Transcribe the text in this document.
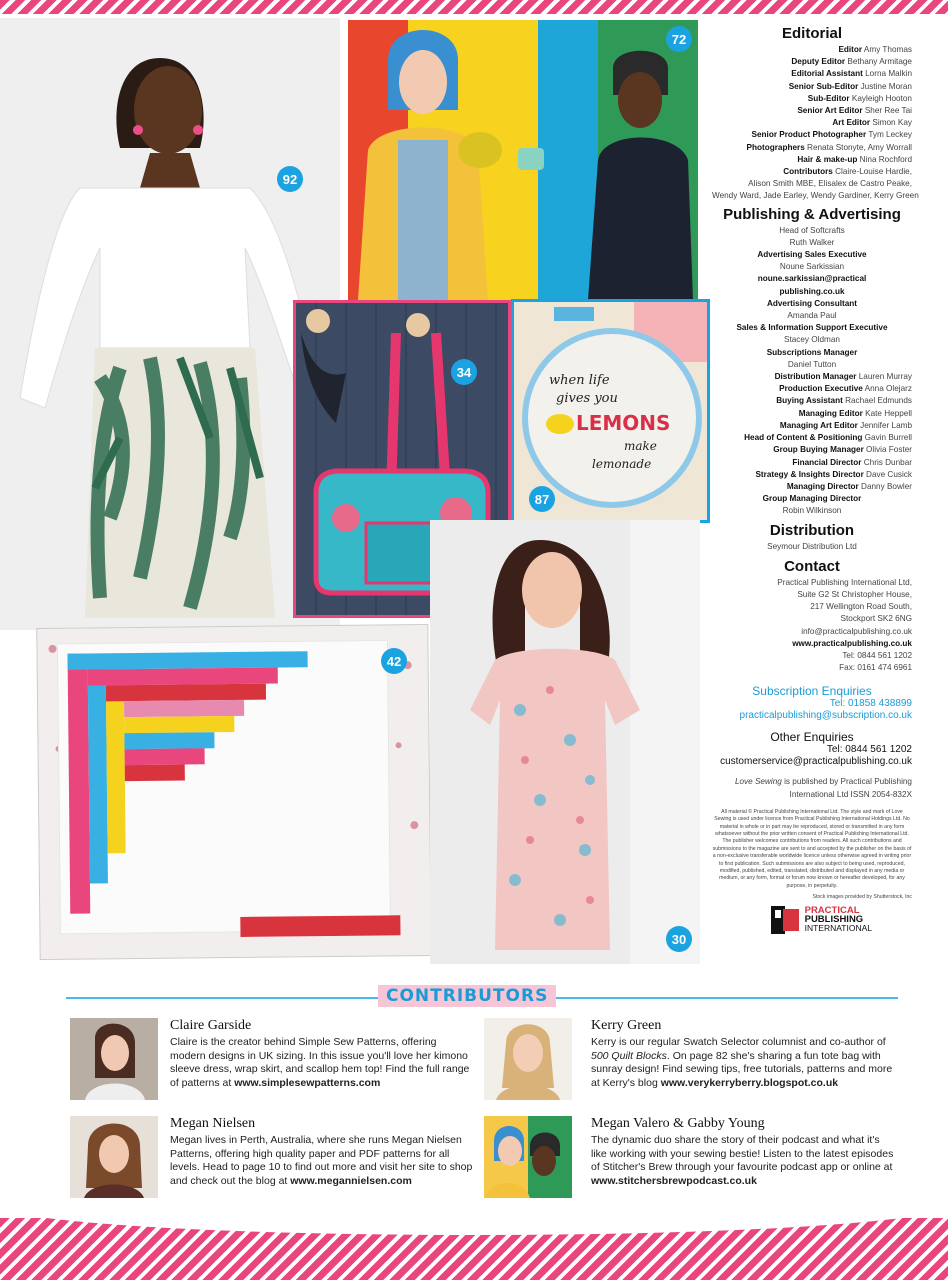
92
72
34
when life
gives you
LEMONS
make
lemonade
87
42
30
Editorial
Editor Amy Thomas
Deputy Editor Bethany Armitage
Editorial Assistant Lorna Malkin
Senior Sub-Editor Justine Moran
Sub-Editor Kayleigh Hooton
Senior Art Editor Sher Ree Tai
Art Editor Simon Kay
Senior Product Photographer Tym Leckey
Photographers Renata Stonyte, Amy Worrall
Hair & make-up Nina Rochford
Contributors Claire-Louise Hardie,
Alison Smith MBE, Elisalex de Castro Peake,
Wendy Ward, Jade Earley, Wendy Gardiner, Kerry Green
Publishing & Advertising
Head of Softcrafts
Ruth Walker
Advertising Sales Executive
Noune Sarkissian
noune.sarkissian@practical
publishing.co.uk
Advertising Consultant
Amanda Paul
Sales & Information Support Executive
Stacey Oldman
Subscriptions Manager
Daniel Tutton
Distribution Manager Lauren Murray
Production Executive Anna Olejarz
Buying Assistant Rachael Edmunds
Managing Editor Kate Heppell
Managing Art Editor Jennifer Lamb
Head of Content & Positioning Gavin Burrell
Group Buying Manager Olivia Foster
Financial Director Chris Dunbar
Strategy & Insights Director Dave Cusick
Managing Director Danny Bowler
Group Managing Director
Robin Wilkinson
Distribution
Seymour Distribution Ltd
Contact
Practical Publishing International Ltd,
Suite G2 St Christopher House,
217 Wellington Road South,
Stockport SK2 6NG
info@practicalpublishing.co.uk
www.practicalpublishing.co.uk
Tel: 0844 561 1202
Fax: 0161 474 6961
Subscription Enquiries
Tel: 01858 438899
practicalpublishing@subscription.co.uk
Other Enquiries
Tel: 0844 561 1202
customerservice@practicalpublishing.co.uk
Love Sewing is published by Practical Publishing International Ltd ISSN 2054-832X
All material © Practical Publishing International Ltd. The style and mark of Love Sewing is used under licence from Practical Publishing International Holdings Ltd. No material in whole or in part may be reproduced, stored or transmitted in any form whatsoever without the prior written consent of Practical Publishing International Ltd. The publisher welcomes contributions from readers. All such contributions and submissions to the magazine are sent to and accepted by the publisher on the basis of a non-exclusive transferable worldwide licence unless otherwise agreed in writing prior to first publication. Such submissions are also subject to being used, reproduced, modified, published, edited, translated, distributed and displayed in any media or medium, or any form, format or forum now known or hereafter developed, for any purpose, in perpetuity.
Stock images provided by Shutterstock, Inc
PRACTICAL
PUBLISHING
INTERNATIONAL
CONTRIBUTORS
Claire Garside
Claire is the creator behind Simple Sew Patterns, offering modern designs in UK sizing. In this issue you'll love her kimono sleeve dress, wrap skirt, and scallop hem top! Find the full range of patterns at www.simplesewpatterns.com
Kerry Green
Kerry is our regular Swatch Selector columnist and co-author of 500 Quilt Blocks. On page 82 she's sharing a fun tote bag with sunray design! Find sewing tips, free tutorials, patterns and more at Kerry's blog www.verykerryberry.blogspot.co.uk
Megan Nielsen
Megan lives in Perth, Australia, where she runs Megan Nielsen Patterns, offering high quality paper and PDF patterns for all levels. Head to page 10 to find out more and visit her site to shop and check out the blog at www.megannielsen.com
Megan Valero & Gabby Young
The dynamic duo share the story of their podcast and what it's like working with your sewing bestie! Listen to the latest episodes of Stitcher's Brew through your favourite podcast app or online at www.stitchersbrewpodcast.co.uk
